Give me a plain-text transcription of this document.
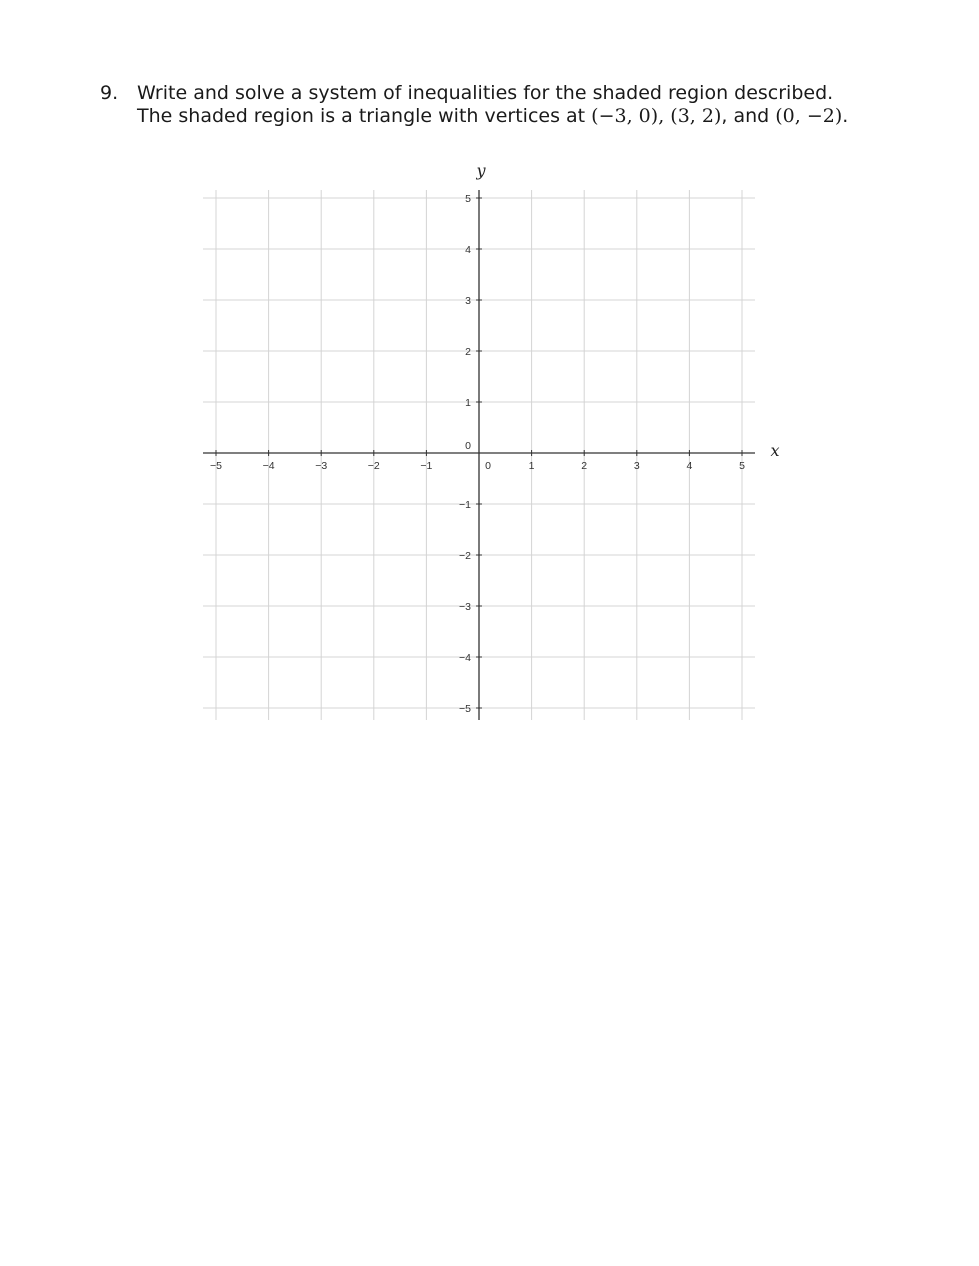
9. Write and solve a system of inequalities for the shaded region described.
The shaded region is a triangle with vertices at (−3, 0), (3, 2), and (0, −2).
−5	−4	−3	−2	−1	0	1	2	3	4	5
5
4
3
2
1
0
−1
−2
−3
−4
−5
x
y
